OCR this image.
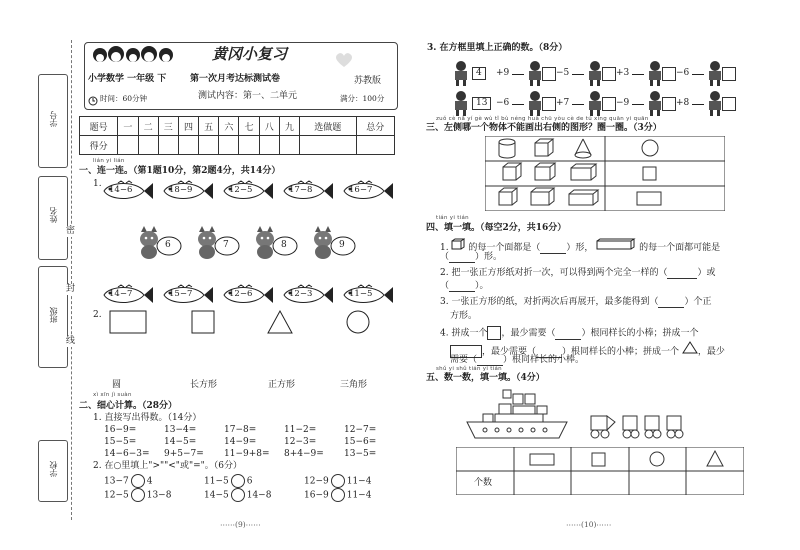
学号
姓名
班级
学校
密
封
线
黄冈小复习
小学数学 一年级 下	第一次月考达标测试卷	苏教版
时间：60分钟	测试内容：第一、二单元	满分：100分
题号	一	二	三	四	五	六	七	八	九	选做题	总分
得分											
lián yi lián
一、连一连。（第1题10分，第2题4分，共14分）
1.
14−6	18−9	12−5	17−8	16−7
6	7	8	9
14−7	15−7	12−6	12−3	11−5
2.
圆	长方形	正方形	三角形
xì xīn jì suàn
二、细心计算。（28分）
1. 直接写出得数。（14分）
16−9=	13−4=	17−8=	11−2=	12−7=
15−5=	14−5=	14−9=	12−3=	15−6=
14−6−3= 9+5−7= 11−9+8= 8+4−9= 13−5=
2. 在○里填上">""<"或"="。（6分）
13−7 4	11−5 6	12−9 11−4
12−5 13−8	14−5 14−8	16−9 11−4
3. 在方框里填上正确的数。（8分）
4	+9	−5	+3	−6
13 −6	+7	−9	+8
zuǒ cè nǎ yí gè wù tǐ bù néng huà chū yòu cè de tú xíng quān yi quān
三、左侧哪一个物体不能画出右侧的图形？圈一圈。（3分）
tián yi tián
四、填一填。（每空2分，共16分）
1. 的每一个面都是（	）形，	的每一个面都可能是
（	）形。
2. 把一张正方形纸对折一次，可以得到两个完全一样的（	）或
（	）。
3. 一张正方形的纸，对折两次后再展开，最多能得到（	）个正
方形。
4. 拼成一个 ，最少需要（	）根同样长的小棒；拼成一个
，最少需要（	）根同样长的小棒；拼成一个 ，最少
需要（	）根同样长的小棒。
shǔ yi shǔ tián yi tián
五、数一数，填一填。（4分）
个数
⋯⋯(9)⋯⋯	⋯⋯(10)⋯⋯
